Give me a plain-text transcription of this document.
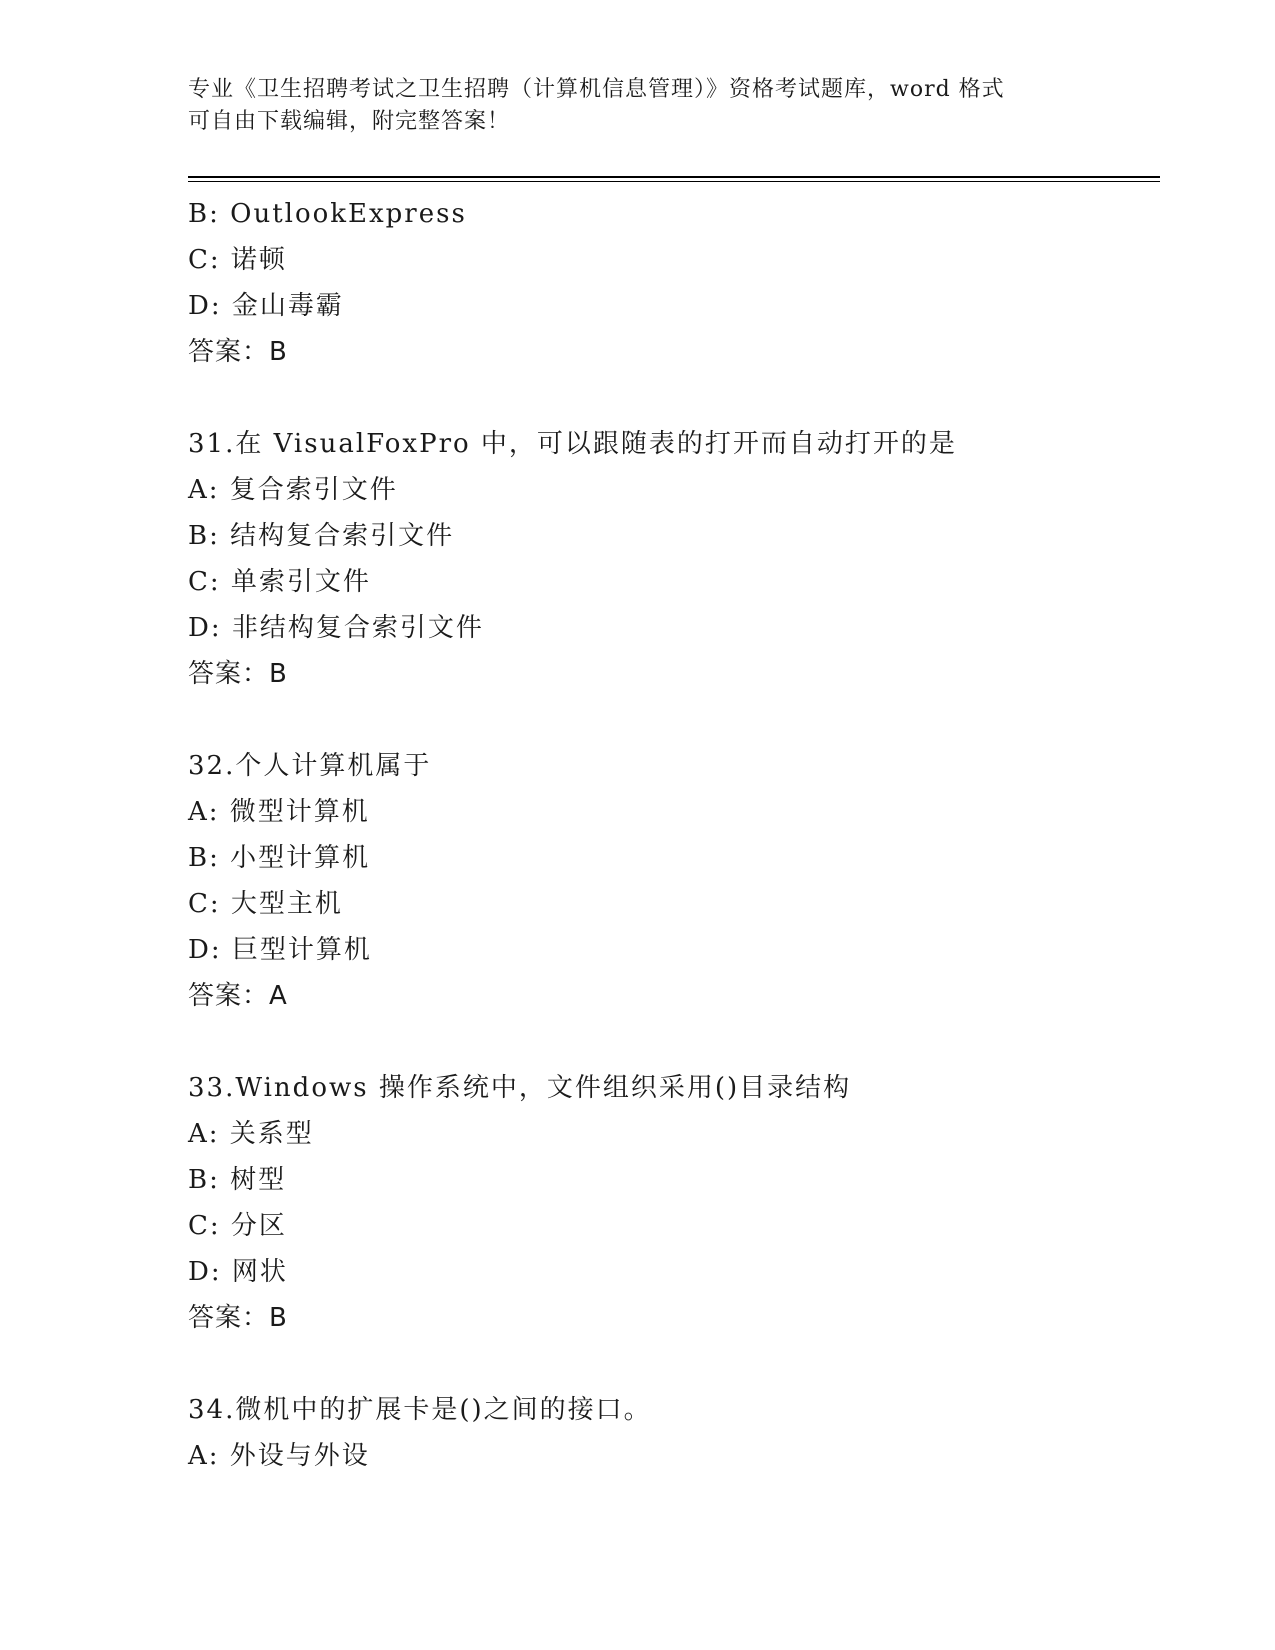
专业《卫生招聘考试之卫生招聘（计算机信息管理）》资格考试题库，word 格式
可自由下载编辑，附完整答案！
B: OutlookExpress
C: 诺顿
D: 金山毒霸
答案：B
31.在 VisualFoxPro 中，可以跟随表的打开而自动打开的是
A: 复合索引文件
B: 结构复合索引文件
C: 单索引文件
D: 非结构复合索引文件
答案：B
32.个人计算机属于
A: 微型计算机
B: 小型计算机
C: 大型主机
D: 巨型计算机
答案：A
33.Windows 操作系统中，文件组织采用()目录结构
A: 关系型
B: 树型
C: 分区
D: 网状
答案：B
34.微机中的扩展卡是()之间的接口。
A: 外设与外设
